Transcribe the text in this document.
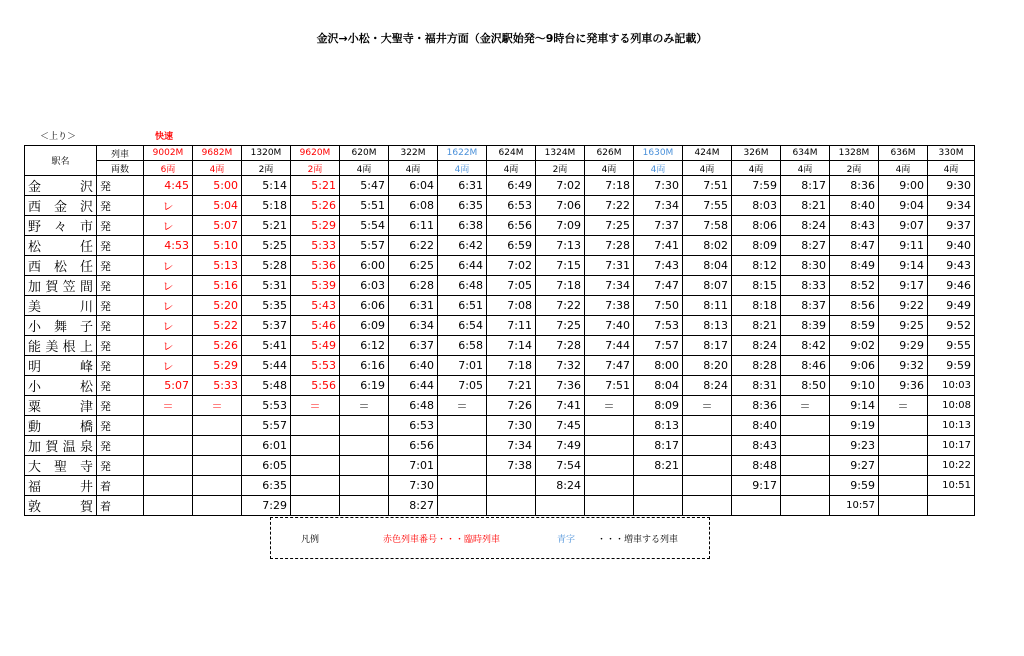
金沢→小松・大聖寺・福井方面（金沢駅始発～9時台に発車する列車のみ記載）
＜上り＞	快速
駅名	列車	9002M	9682M	1320M	9620M	620M	322M	1622M	624M	1324M	626M	1630M	424M	326M	634M	1328M	636M	330M
	両数	6両	4両	2両	2両	4両	4両	4両	4両	2両	4両	4両	4両	4両	4両	2両	4両	4両

金 沢	発	4:45	5:00	5:14	5:21	5:47	6:04	6:31	6:49	7:02	7:18	7:30	7:51	7:59	8:17	8:36	9:00	9:30

西 金 沢	発	レ	5:04	5:18	5:26	5:51	6:08	6:35	6:53	7:06	7:22	7:34	7:55	8:03	8:21	8:40	9:04	9:34

野 々 市	発	レ	5:07	5:21	5:29	5:54	6:11	6:38	6:56	7:09	7:25	7:37	7:58	8:06	8:24	8:43	9:07	9:37

松 任	発	4:53	5:10	5:25	5:33	5:57	6:22	6:42	6:59	7:13	7:28	7:41	8:02	8:09	8:27	8:47	9:11	9:40

西 松 任	発	レ	5:13	5:28	5:36	6:00	6:25	6:44	7:02	7:15	7:31	7:43	8:04	8:12	8:30	8:49	9:14	9:43

加 賀 笠 間	発	レ	5:16	5:31	5:39	6:03	6:28	6:48	7:05	7:18	7:34	7:47	8:07	8:15	8:33	8:52	9:17	9:46

美 川	発	レ	5:20	5:35	5:43	6:06	6:31	6:51	7:08	7:22	7:38	7:50	8:11	8:18	8:37	8:56	9:22	9:49

小 舞 子	発	レ	5:22	5:37	5:46	6:09	6:34	6:54	7:11	7:25	7:40	7:53	8:13	8:21	8:39	8:59	9:25	9:52

能 美 根 上	発	レ	5:26	5:41	5:49	6:12	6:37	6:58	7:14	7:28	7:44	7:57	8:17	8:24	8:42	9:02	9:29	9:55

明 峰	発	レ	5:29	5:44	5:53	6:16	6:40	7:01	7:18	7:32	7:47	8:00	8:20	8:28	8:46	9:06	9:32	9:59

小 松	発	5:07	5:33	5:48	5:56	6:19	6:44	7:05	7:21	7:36	7:51	8:04	8:24	8:31	8:50	9:10	9:36	10:03

粟 津	発	＝	＝	5:53	＝	＝	6:48	＝	7:26	7:41	＝	8:09	＝	8:36	＝	9:14	＝	10:08

動 橋	発			5:57			6:53		7:30	7:45		8:13		8:40		9:19		10:13

加 賀 温 泉	発			6:01			6:56		7:34	7:49		8:17		8:43		9:23		10:17

大 聖 寺	発			6:05			7:01		7:38	7:54		8:21		8:48		9:27		10:22

福 井	着			6:35			7:30			8:24				9:17		9:59		10:51

敦 賀	着			7:29			8:27									10:57		
凡例	赤色列車番号・・・臨時列車	青字 ・・・増車する列車
